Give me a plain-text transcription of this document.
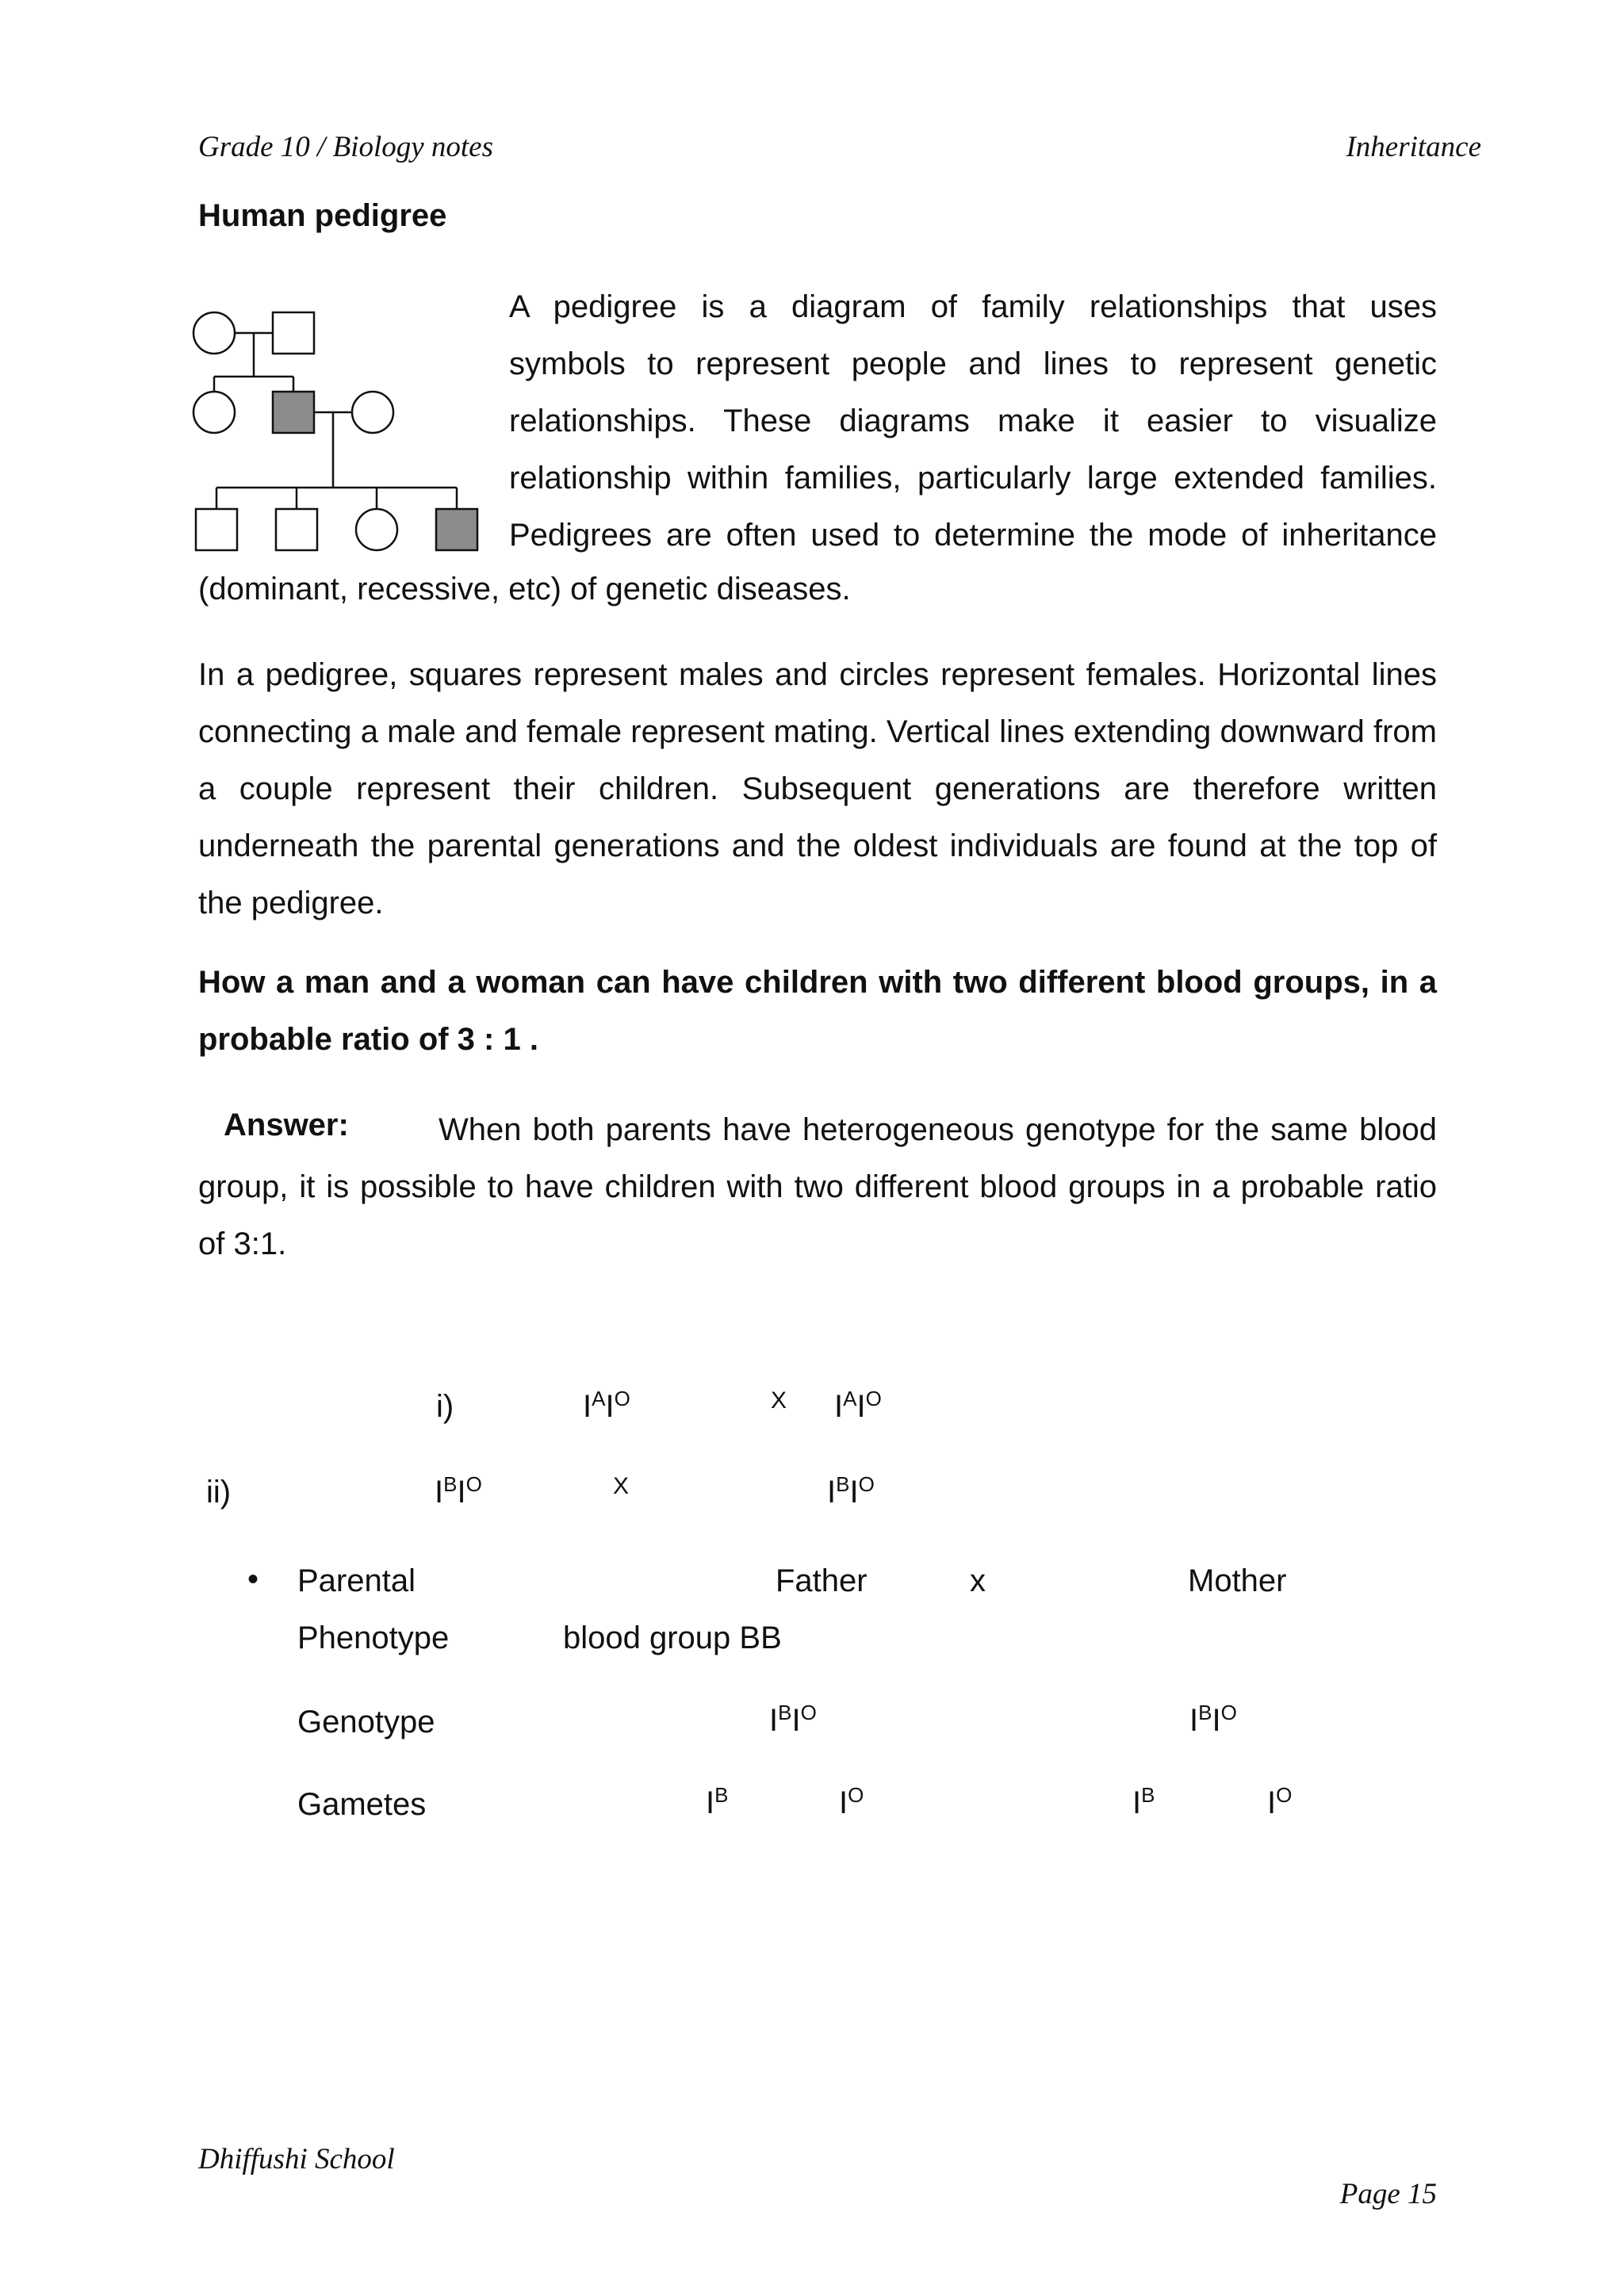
Grade 10 / Biology notes	Inheritance
Human pedigree

A pedigree is a diagram of family relationships that uses

symbols to represent people and lines to represent genetic

relationships. These diagrams make it easier to visualize

relationship within families, particularly large extended families.

Pedigrees are often used to determine the mode of inheritance

(dominant, recessive, etc) of genetic diseases.

In a pedigree, squares represent males and circles represent females. Horizontal lines connecting a male and female represent mating. Vertical lines extending downward from a couple represent their children. Subsequent generations are therefore written underneath the parental generations and the oldest individuals are found at the top of the pedigree.

How a man and a woman can have children with two different blood groups, in a probable ratio of 3 : 1 .

Answer:	When both parents have heterogeneous genotype for the same blood

group, it is possible to have children with two different blood groups in a probable ratio of 3:1.

i)	$I^AI^O$	X $I^AI^O$
ii)	$I^BI^O$	X	$I^BI^O$
• Parental	Father	x	Mother
Phenotype	blood group BB
Genotype	$I^BI^O$	$I^BI^O$
Gametes	$I^B$	$I^O$	$I^B$	$I^O$
Dhiffushi School
Page 15
